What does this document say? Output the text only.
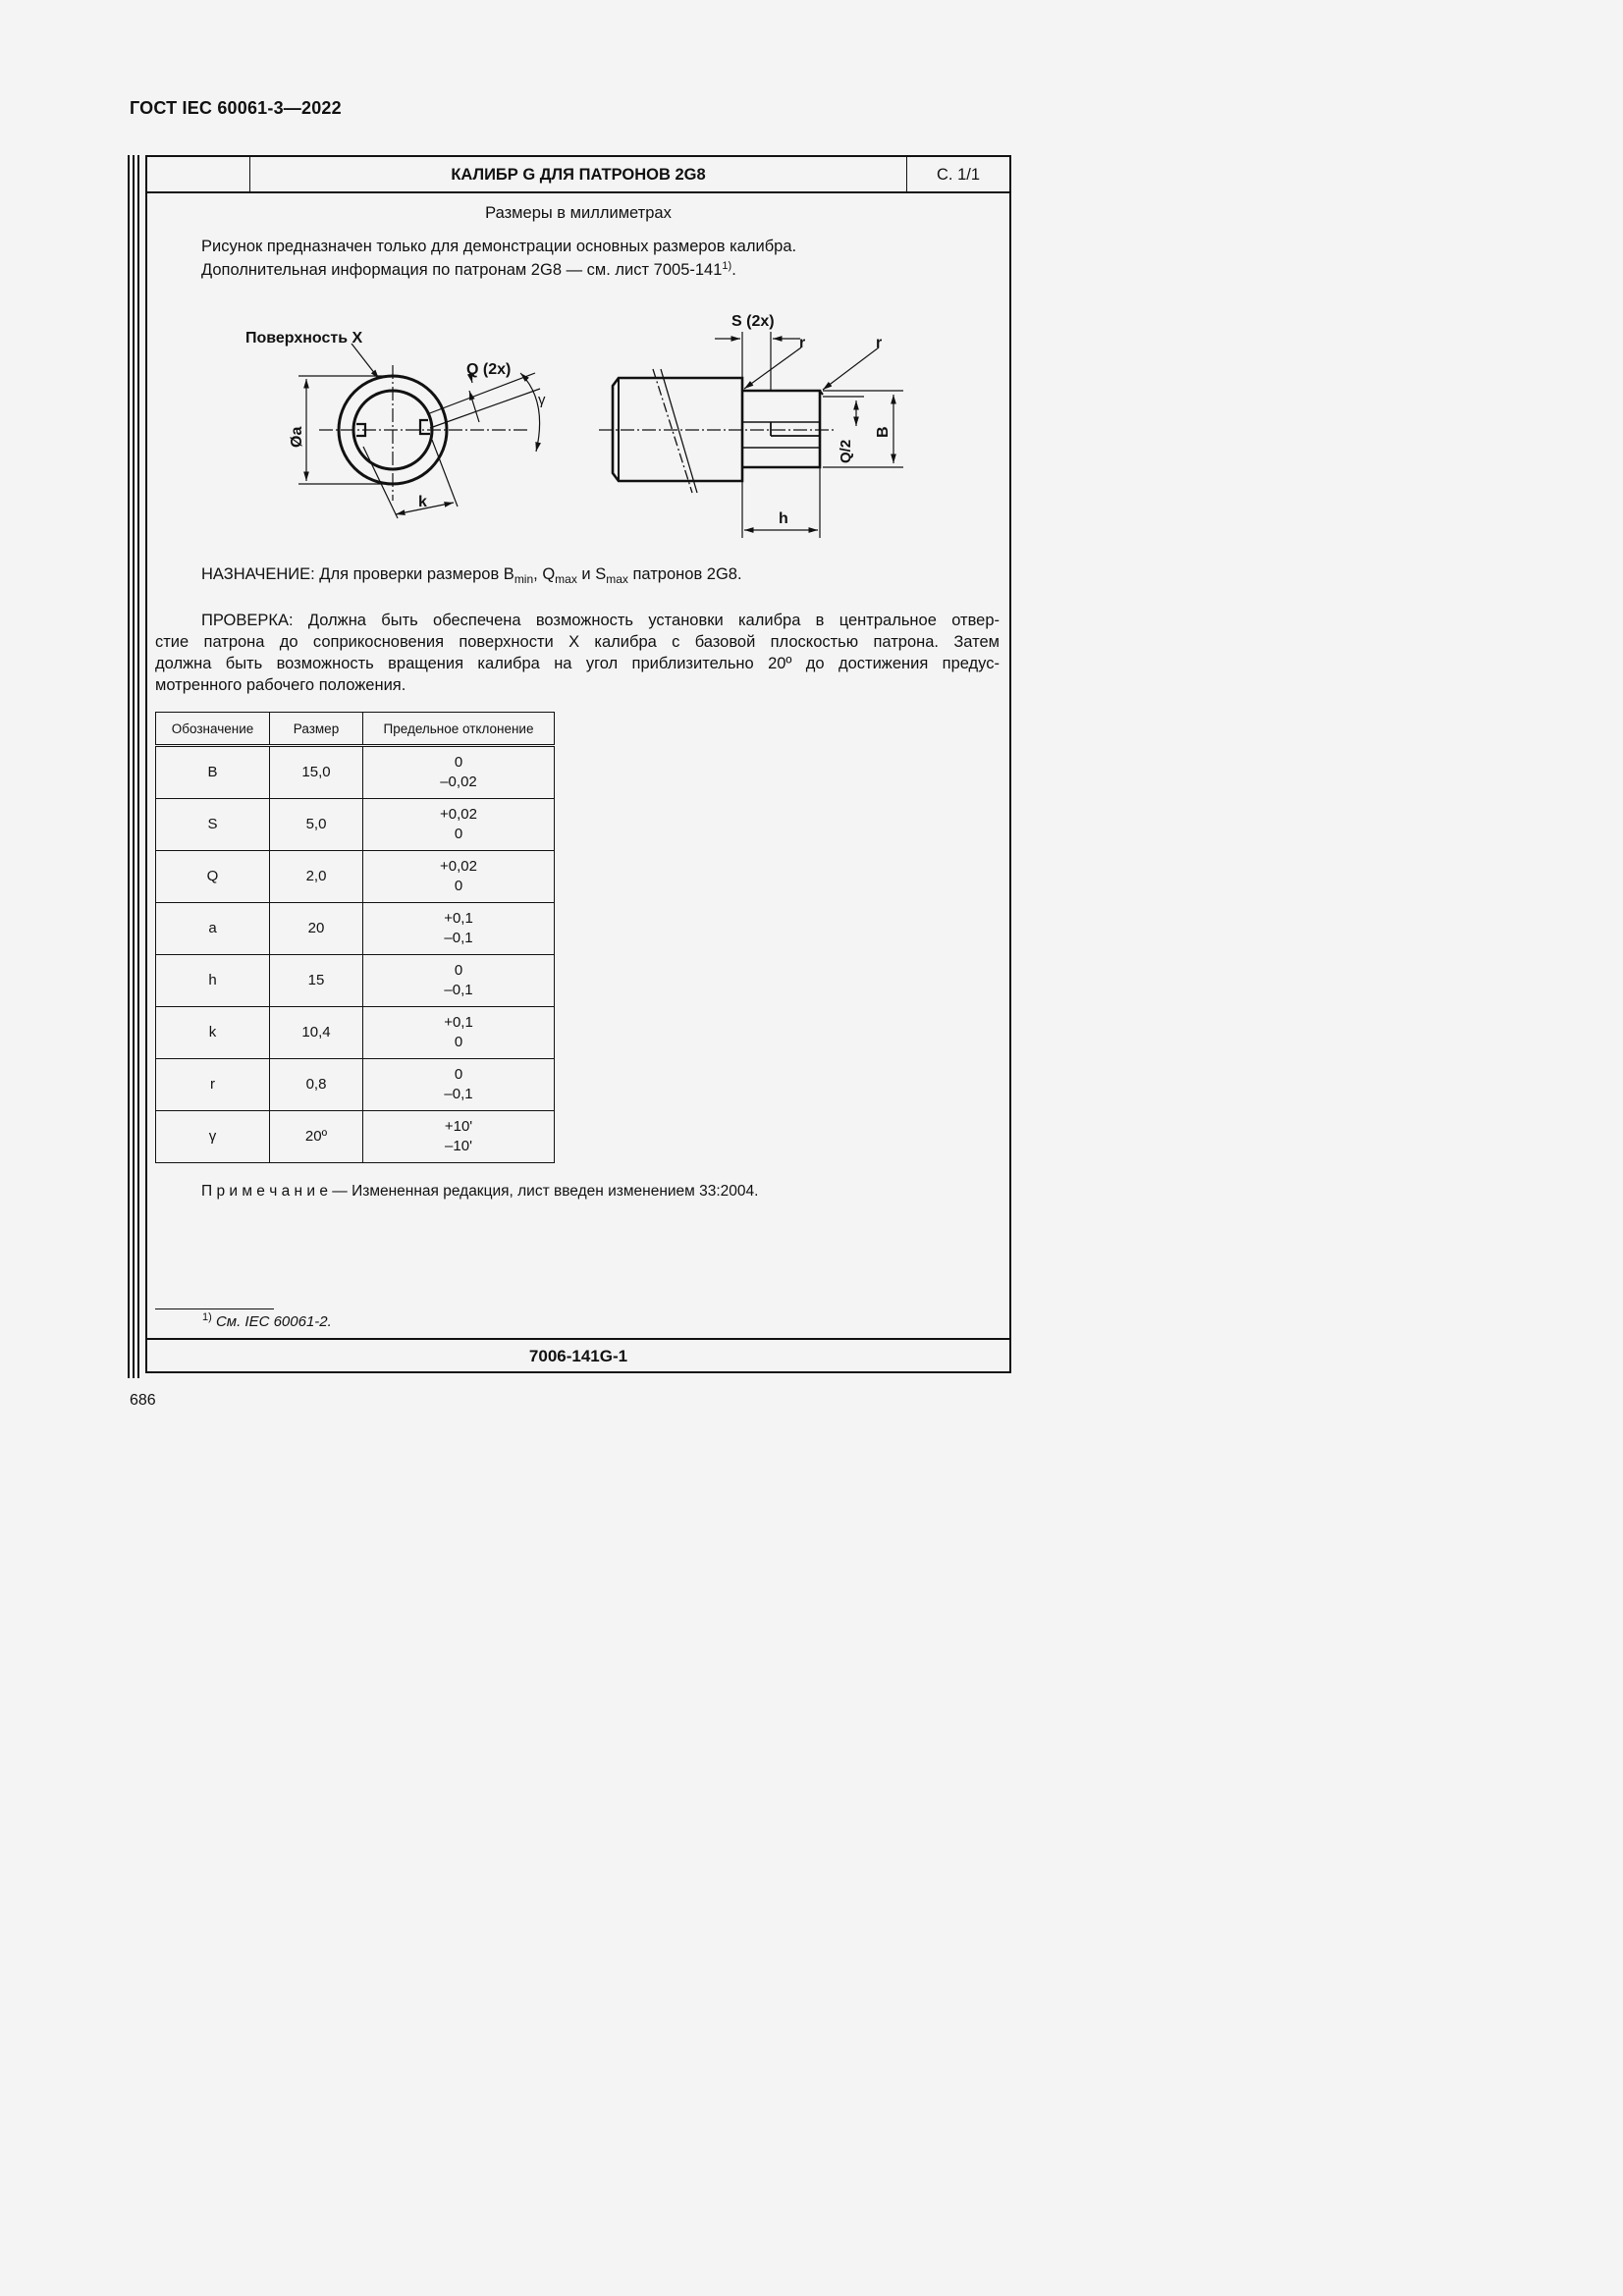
ГОСТ IEC 60061-3—2022
КАЛИБР G ДЛЯ ПАТРОНОВ 2G8	С. 1/1
7006-141G-1
Размеры в миллиметрах
Рисунок предназначен только для демонстрации основных размеров калибра.
Дополнительная информация по патронам 2G8 — см. лист 7005-141$^{1)}$.
Поверхность X
Q (2x)
γ
Øa
k
S (2x)
r	r
Q/2
B
h
НАЗНАЧЕНИЕ: Для проверки размеров $B_{min}$, $Q_{max}$ и $S_{max}$ патронов 2G8.
ПРОВЕРКА: Должна быть обеспечена возможность установки калибра в центральное отвер-
стие патрона до соприкосновения поверхности X калибра с базовой плоскостью патрона. Затем
должна быть возможность вращения калибра на угол приблизительно 20º до достижения предус-
мотренного рабочего положения.
Обозначение	Размер	Предельное отклонение
B	15,0	0
–0,02

S	5,0	+0,02
0

Q	2,0	+0,02
0

a	20	+0,1
–0,1

h	15	0
–0,1

k	10,4	+0,1
0

r	0,8	0
–0,1

γ	20º	+10'
–10'
П р и м е ч а н и е — Измененная редакция, лист введен изменением 33:2004.
$^{1)}$ См. IEC 60061-2.
686
